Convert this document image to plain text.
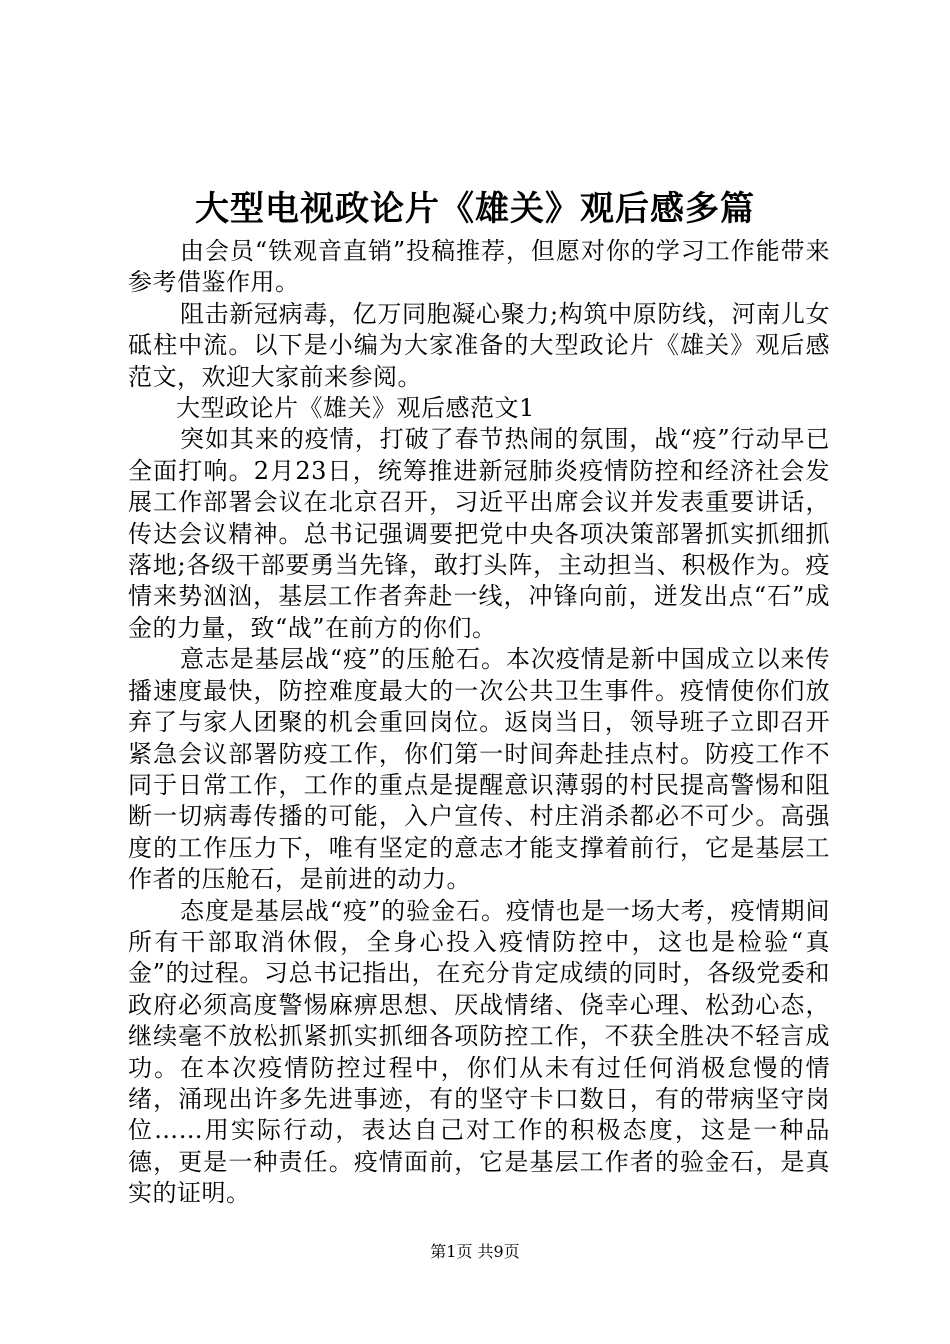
大型电视政论片《雄关》观后感多篇

由会员“铁观音直销”投稿推荐，但愿对你的学习工作能带来参考借鉴作用。

阻击新冠病毒，亿万同胞凝心聚力;构筑中原防线，河南儿女砥柱中流。以下是小编为大家准备的大型政论片《雄关》观后感范文，欢迎大家前来参阅。

大型政论片《雄关》观后感范文1

突如其来的疫情，打破了春节热闹的氛围，战“疫”行动早已全面打响。2月23日，统筹推进新冠肺炎疫情防控和经济社会发展工作部署会议在北京召开，习近平出席会议并发表重要讲话，传达会议精神。总书记强调要把党中央各项决策部署抓实抓细抓落地;各级干部要勇当先锋，敢打头阵，主动担当、积极作为。疫情来势汹汹，基层工作者奔赴一线，冲锋向前，迸发出点“石”成金的力量，致“战”在前方的你们。

意志是基层战“疫”的压舱石。本次疫情是新中国成立以来传播速度最快，防控难度最大的一次公共卫生事件。疫情使你们放弃了与家人团聚的机会重回岗位。返岗当日，领导班子立即召开紧急会议部署防疫工作，你们第一时间奔赴挂点村。防疫工作不同于日常工作，工作的重点是提醒意识薄弱的村民提高警惕和阻断一切病毒传播的可能，入户宣传、村庄消杀都必不可少。高强度的工作压力下，唯有坚定的意志才能支撑着前行，它是基层工作者的压舱石，是前进的动力。

态度是基层战“疫”的验金石。疫情也是一场大考，疫情期间所有干部取消休假，全身心投入疫情防控中，这也是检验“真金”的过程。习总书记指出，在充分肯定成绩的同时，各级党委和政府必须高度警惕麻痹思想、厌战情绪、侥幸心理、松劲心态，继续毫不放松抓紧抓实抓细各项防控工作，不获全胜决不轻言成功。在本次疫情防控过程中，你们从未有过任何消极怠慢的情绪，涌现出许多先进事迹，有的坚守卡口数日，有的带病坚守岗位……用实际行动，表达自己对工作的积极态度，这是一种品德，更是一种责任。疫情面前，它是基层工作者的验金石，是真实的证明。

第1页 共9页
